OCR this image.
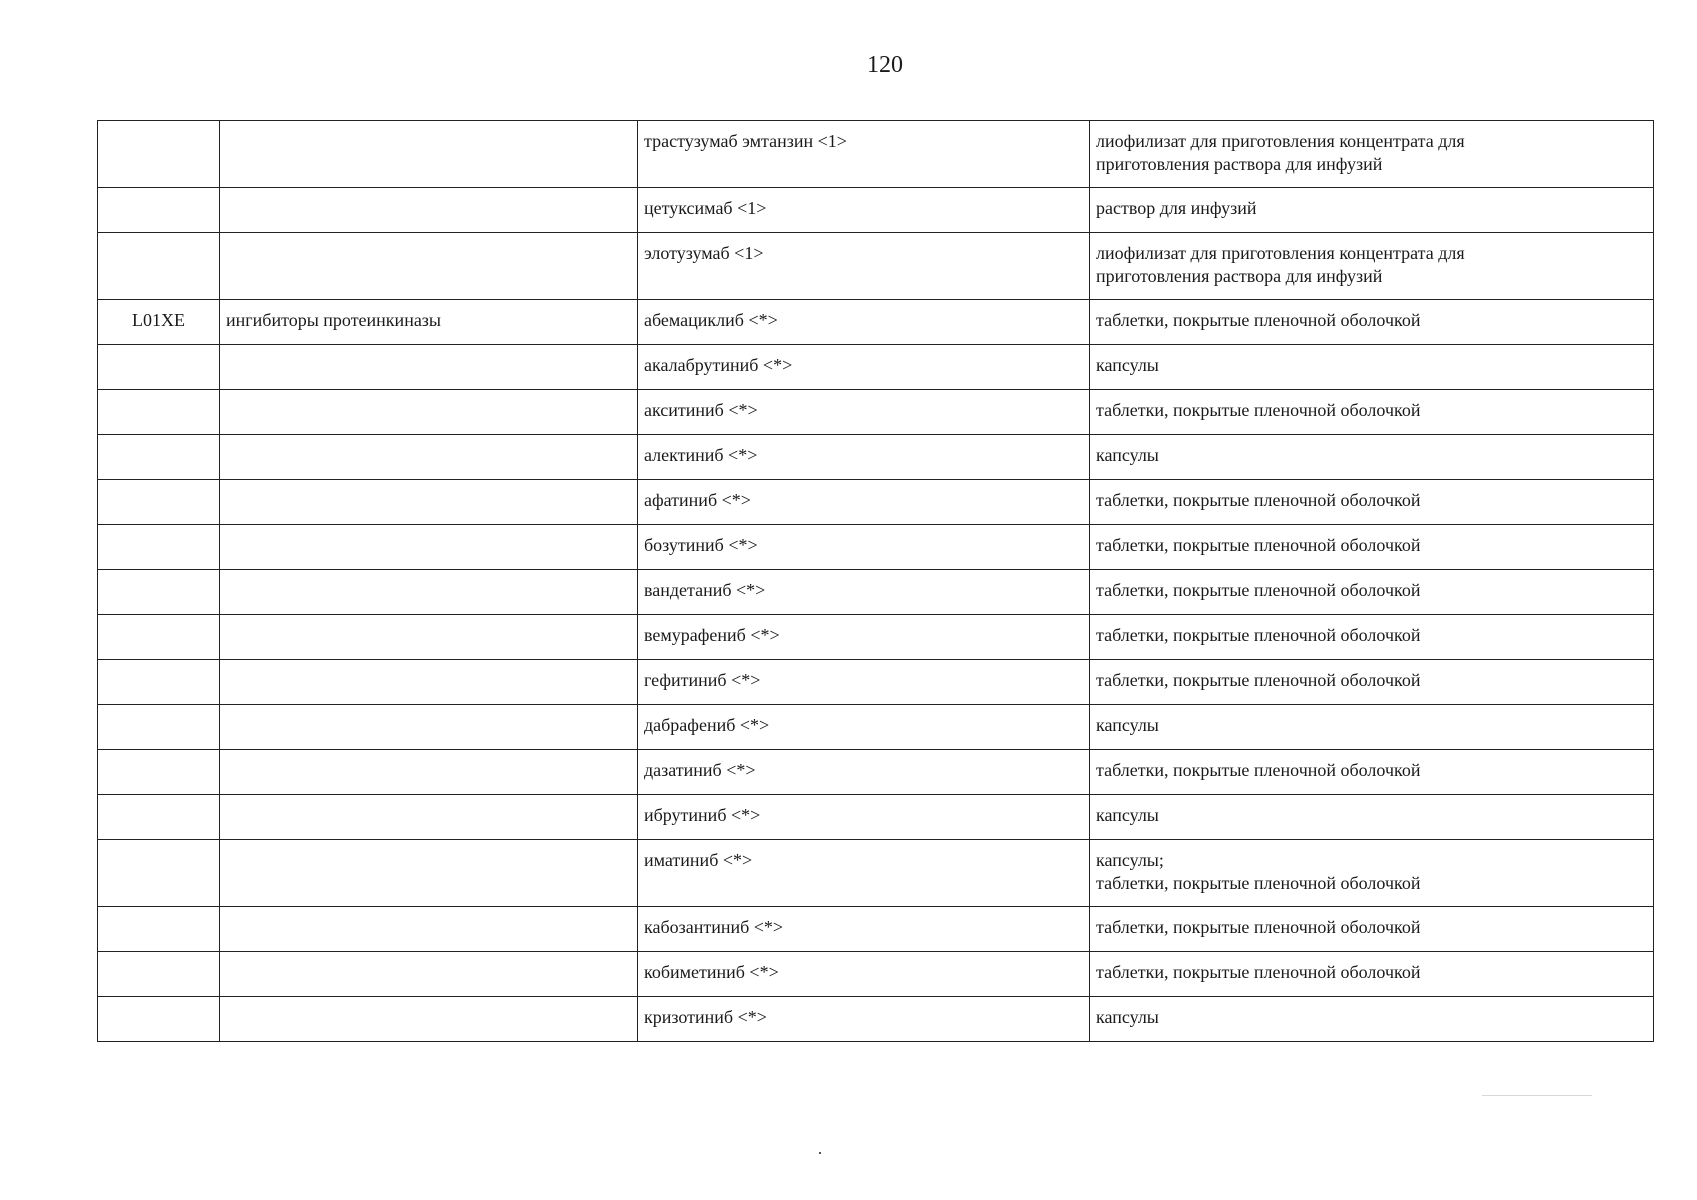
120
		трастузумаб эмтанзин <1>	лиофилизат для приготовления концентрата для
приготовления раствора для инфузий

		цетуксимаб <1>	раствор для инфузий

		элотузумаб <1>	лиофилизат для приготовления концентрата для
приготовления раствора для инфузий

L01XE	ингибиторы протеинкиназы	абемациклиб <*>	таблетки, покрытые пленочной оболочкой

		акалабрутиниб <*>	капсулы

		акситиниб <*>	таблетки, покрытые пленочной оболочкой

		алектиниб <*>	капсулы

		афатиниб <*>	таблетки, покрытые пленочной оболочкой

		бозутиниб <*>	таблетки, покрытые пленочной оболочкой

		вандетаниб <*>	таблетки, покрытые пленочной оболочкой

		вемурафениб <*>	таблетки, покрытые пленочной оболочкой

		гефитиниб <*>	таблетки, покрытые пленочной оболочкой

		дабрафениб <*>	капсулы

		дазатиниб <*>	таблетки, покрытые пленочной оболочкой

		ибрутиниб <*>	капсулы

		иматиниб <*>	капсулы;
таблетки, покрытые пленочной оболочкой

		кабозантиниб <*>	таблетки, покрытые пленочной оболочкой

		кобиметиниб <*>	таблетки, покрытые пленочной оболочкой

		кризотиниб <*>	капсулы
